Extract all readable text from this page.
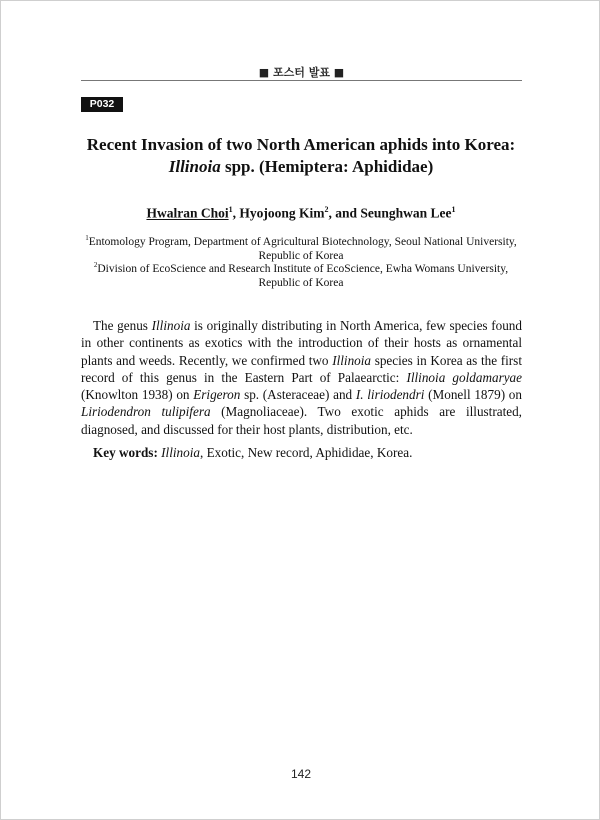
■ 포스터 발표 ■
P032
Recent Invasion of two North American aphids into Korea:
Illinoia spp. (Hemiptera: Aphididae)
Hwalran Choi$^1$, Hyojoong Kim$^2$, and Seunghwan Lee$^1$
$^1$Entomology Program, Department of Agricultural Biotechnology, Seoul National University,
Republic of Korea
$^2$Division of EcoScience and Research Institute of EcoScience, Ewha Womans University,
Republic of Korea

The genus Illinoia is originally distributing in North America, few species found in other continents as exotics with the introduction of their hosts as ornamental plants and weeds. Recently, we confirmed two Illinoia species in Korea as the first record of this genus in the Eastern Part of Palaearctic: Illinoia goldamaryae (Knowlton 1938) on Erigeron sp. (Asteraceae) and I. liriodendri (Monell 1879) on Liriodendron tulipifera (Magnoliaceae). Two exotic aphids are illustrated, diagnosed, and discussed for their host plants, distribution, etc.

Key words: Illinoia, Exotic, New record, Aphididae, Korea.
142
